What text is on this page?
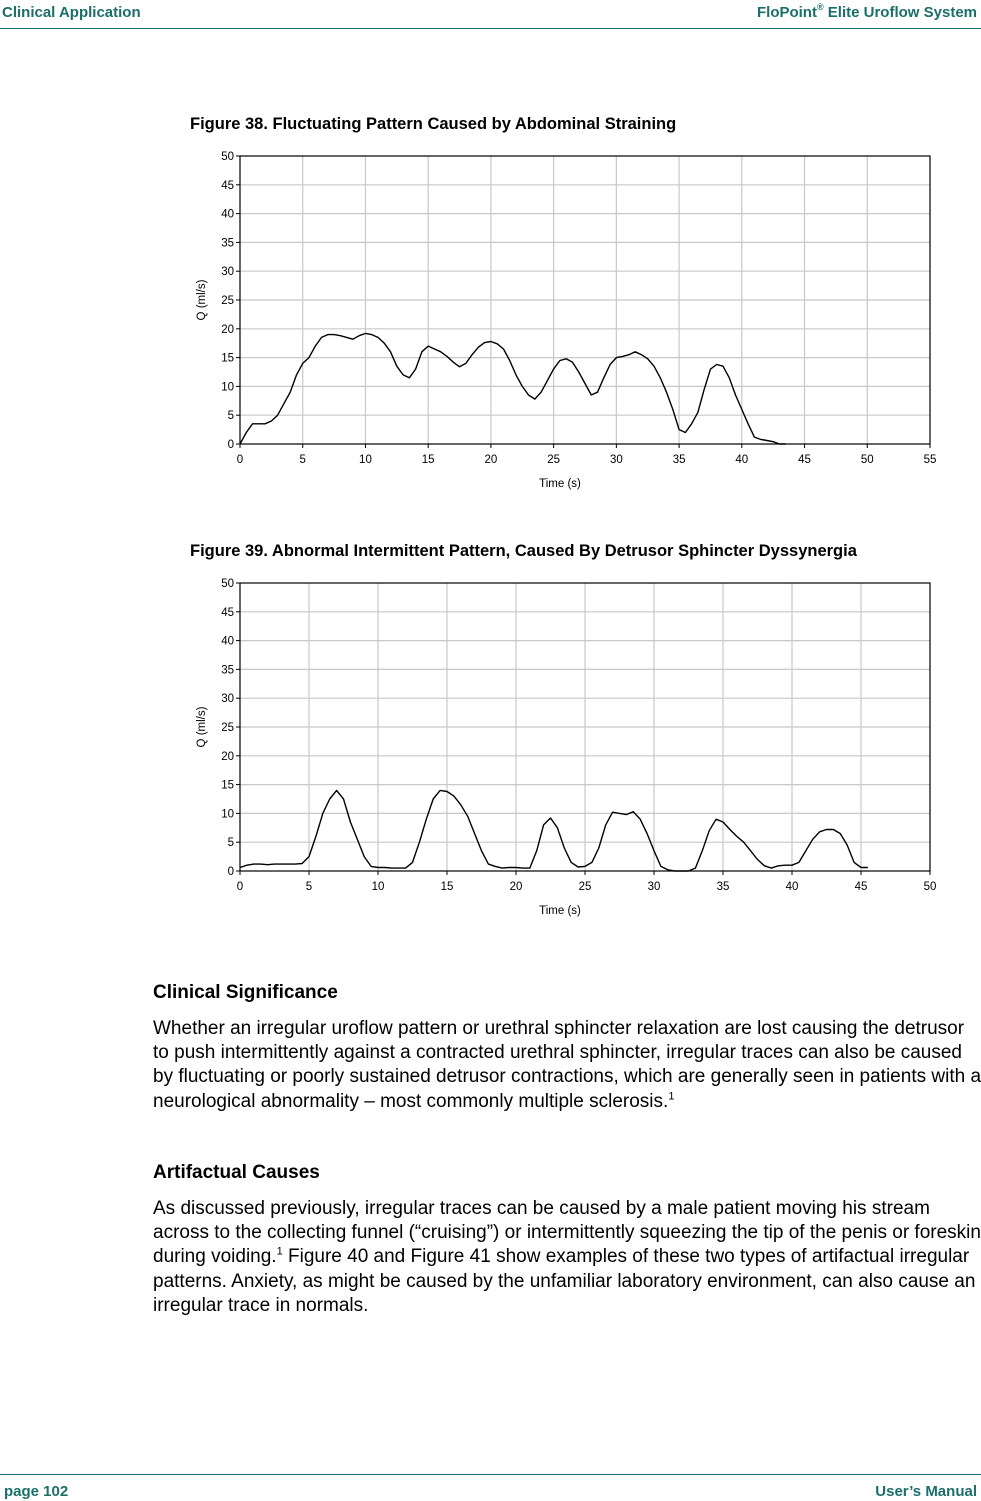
Clinical Application	FloPoint® Elite Uroflow System
Figure 38. Fluctuating Pattern Caused by Abdominal Straining
0	5	10	15	20	25	30	35	40	45	50	55
0
5
10
15
20
25
30
35
40
45
50
Time (s)
Q (ml/s)
Figure 39. Abnormal Intermittent Pattern, Caused By Detrusor Sphincter Dyssynergia
0	5	10	15	20	25	30	35	40	45	50
0
5
10
15
20
25
30
35
40
45
50
Time (s)
Q (ml/s)
Clinical Significance

Whether an irregular uroflow pattern or urethral sphincter relaxation are lost causing the detrusor to push intermittently against a contracted urethral sphincter, irregular traces can also be caused by fluctuating or poorly sustained detrusor contractions, which are generally seen in patients with a neurological abnormality – most commonly multiple sclerosis.$^1$

Artifactual Causes

As discussed previously, irregular traces can be caused by a male patient moving his stream across to the collecting funnel (“cruising”) or intermittently squeezing the tip of the penis or foreskin during voiding.$^1$ Figure 40 and Figure 41 show examples of these two types of artifactual irregular patterns. Anxiety, as might be caused by the unfamiliar laboratory environment, can also cause an irregular trace in normals.

page 102	User’s Manual
